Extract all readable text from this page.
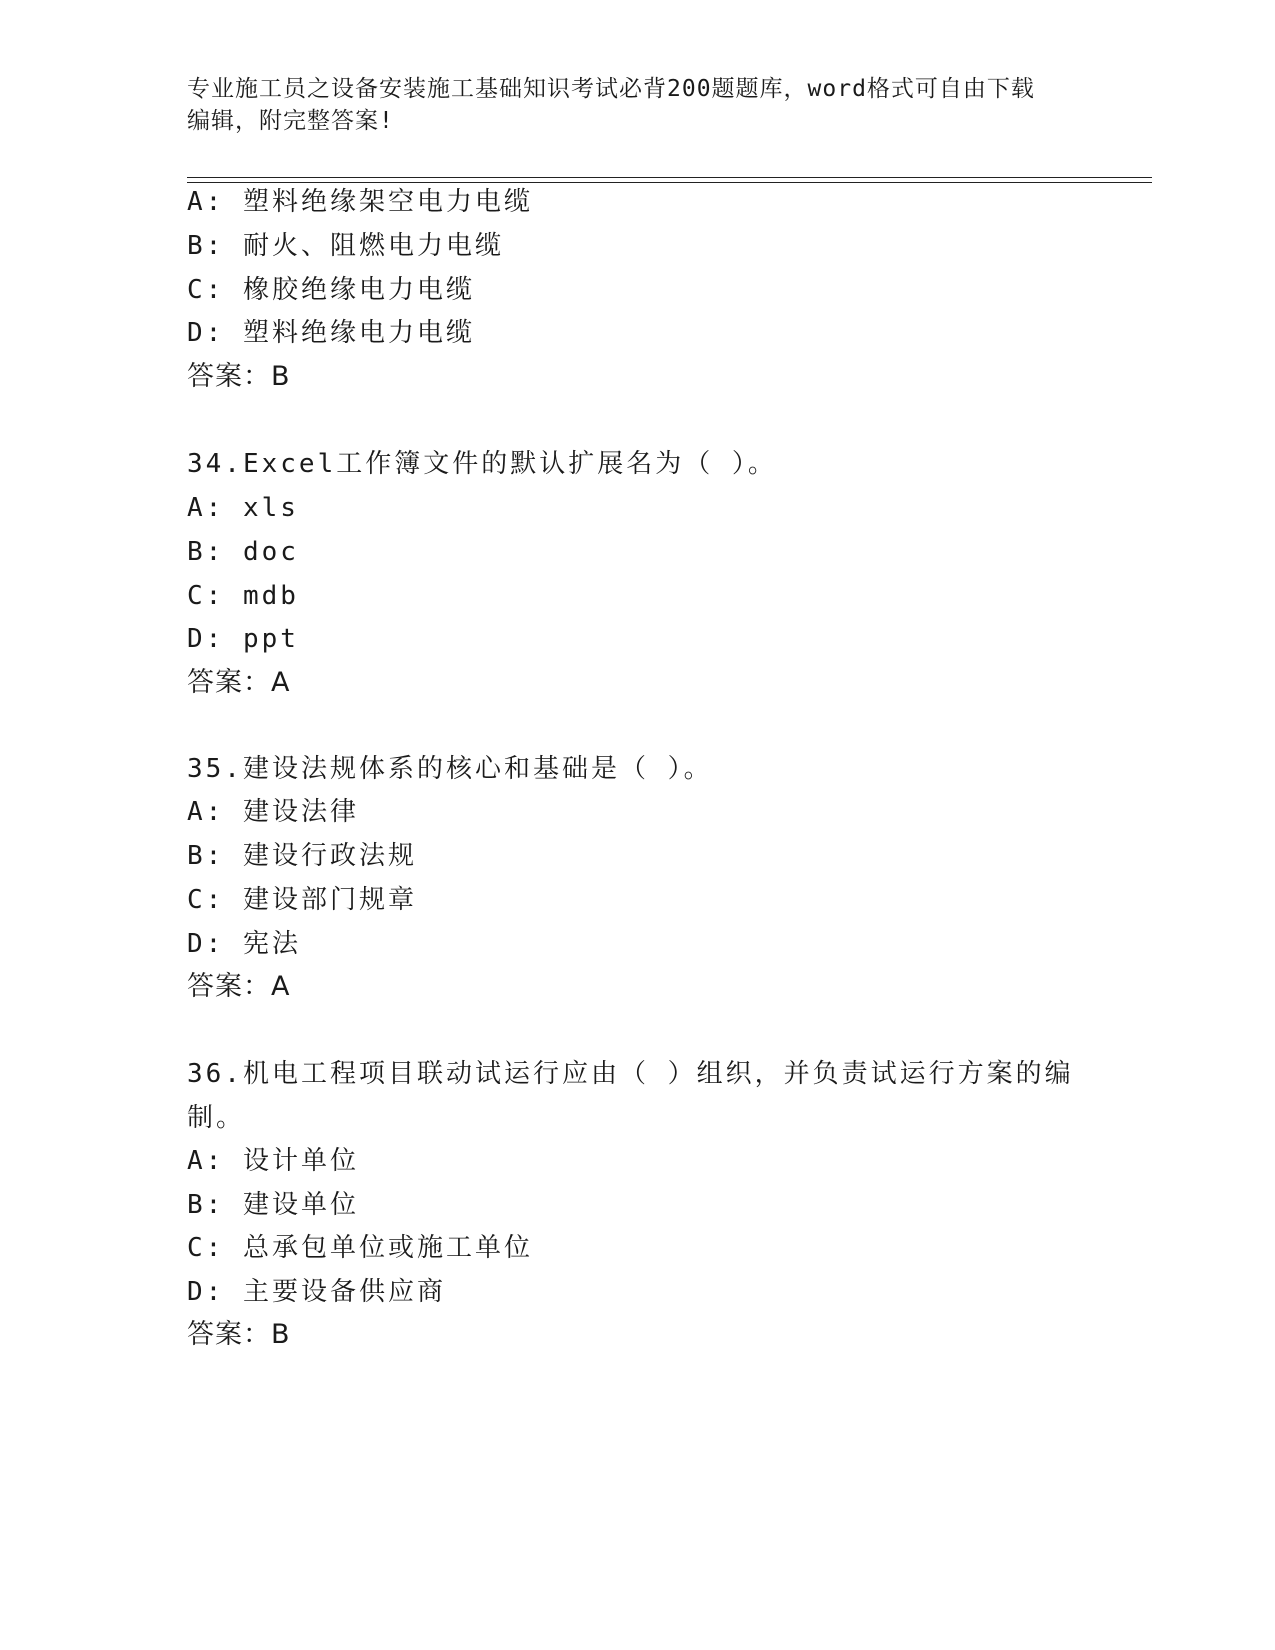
专业施工员之设备安装施工基础知识考试必背200题题库，word格式可自由下载
编辑，附完整答案!
A: 塑料绝缘架空电力电缆
B: 耐火、阻燃电力电缆
C: 橡胶绝缘电力电缆
D: 塑料绝缘电力电缆
答案：B
34.Excel工作簿文件的默认扩展名为（ ）。
A: xls
B: doc
C: mdb
D: ppt
答案：A
35.建设法规体系的核心和基础是（ ）。
A: 建设法律
B: 建设行政法规
C: 建设部门规章
D: 宪法
答案：A
36.机电工程项目联动试运行应由（ ）组织，并负责试运行方案的编
制。
A: 设计单位
B: 建设单位
C: 总承包单位或施工单位
D: 主要设备供应商
答案：B
